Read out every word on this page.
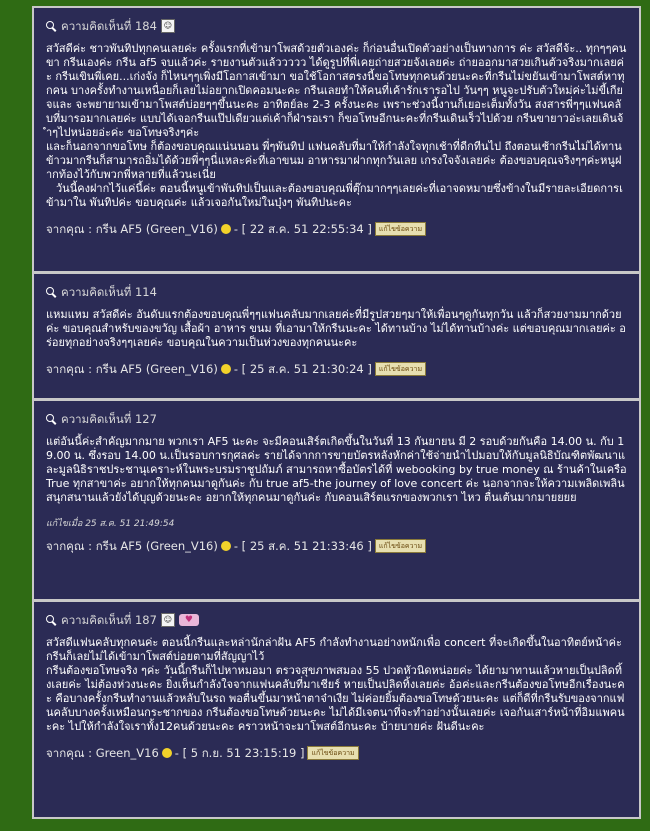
ความคิดเห็นที่ 184 ☺

สวัสดีค่ะ ชาวพันทิปทุกคนเลยค่ะ ครั้งแรกที่เข้ามาโพสด้วยตัวเองค่ะ ก็ก่อนอื่นเปิดตัวอย่างเป็นทางการ ค่ะ สวัสดีจ้ะ.. ทุกๆๆคนขา กรีนเองค่ะ กรีน af5 จบแล้วค่ะ รายงานตัวแล้ววววว ได้ดูรูปที่พี่เคยถ่ายสวยจังเลยค่ะ ถ่ายออกมาสวยเกินตัวจริงมากเลยค่ะ กรีนเขินพี่เคย...เก่งจัง ก็ไหนๆๆเพิ่งมีโอกาสเข้ามา ขอใช้โอกาสตรงนี้ขอโทษทุกคนด้วยนะคะที่กรีนไม่ขยันเข้ามาโพสต์หาทุกคน บางครั้งทำงานเหนื่อยก็เลยไม่อยากเปิดคอมนะคะ กรีนเลยทำให้คนที่เค้ารักเรารอไป วันๆๆ หนูจะปรับตัวใหม่ค่ะไม่ขี้เกียจและ จะพยายามเข้ามาโพสต์บ่อยๆๆขึ้นนะคะ อาทิตย์ละ 2-3 ครั้งนะคะ เพราะช่วงนี้งานก็เยอะเต็มทั้งวัน สงสารพี่ๆๆแฟนคลับที่มารอมากเลยค่ะ แบบได้เจอกรีนแป๊ปเดียวแต่เค้าก็ฝ่ารอเรา ก็ขอโทษอีกนะคะที่กรีนเดินเร็วไปด้วย กรีนขายาวอ่ะเลยเดินจ้ำๆไปหน่อยอ่ะค่ะ ขอโทษจริงๆค่ะ

และก็นอกจากขอโทษ ก็ต้องขอบคุณแน่นนอน พี่ๆพันทิป แฟนคลับที่มาให้กำลังใจทุกเช้าที่ดีกทีนไป ถึงตอนเช้ากรีนไม่ได้ทานข้าวมากรีนก็สามารถอิ่มได้ด้วยพี่ๆๆนี่แหละค่ะที่เอาขนม อาหารมาฝากทุกวันเลย เกรงใจจังเลยค่ะ ต้องขอบคุณจริงๆๆค่ะหนูฝากท้องไว้กับพวกพี่หลายที่แล้วนะเนี่ย

วันนี้คงฝากไว้แค่นี้ค่ะ ตอนนี้หนูเข้าพันทิปเป็นและต้องขอบคุณพี่ตุ๊กมากๆๆเลยค่ะที่เอาจดหมายซึ่งข้างในมีรายละเอียดการเข้ามาใน พันทิปค่ะ ขอบคุณค่ะ แล้วเจอกันใหม่ในบุ๋งๆ พันทิปนะคะ

จากคุณ : กรีน AF5 (Green_V16) - [ 22 ส.ค. 51 22:55:34 ]	แก้ไขข้อความ
ความคิดเห็นที่ 114

แหมแหม สวัสดีค่ะ อันดับแรกต้องขอบคุณพี่ๆๆแฟนคลับมากเลยค่ะที่มีรูปสวยๆมาให้เพื่อนๆดูกันทุกวัน แล้วก็สวยงามมากด้วยค่ะ ขอบคุณสำหรับของขวัญ เสื้อผ้า อาหาร ขนม ที่เอามาให้กรีนนะคะ ได้ทานบ้าง ไม่ได้ทานบ้างค่ะ แต่ขอบคุณมากเลยค่ะ อร่อยทุกอย่างจริงๆๆเลยค่ะ ขอบคุณในความเป็นห่วงของทุกคนนะคะ

จากคุณ : กรีน AF5 (Green_V16) - [ 25 ส.ค. 51 21:30:24 ]	แก้ไขข้อความ
ความคิดเห็นที่ 127

แต่อันนี้ค่ะสำคัญมากมาย พวกเรา AF5 นะคะ จะมีคอนเสิร์ตเกิดขึ้นในวันที่ 13 กันยายน มี 2 รอบด้วยกันคือ 14.00 น. กับ 19.00 น. ซึ่งรอบ 14.00 น.เป็นรอบการกุศลค่ะ รายได้จากการขายบัตรหลังหักค่าใช้จ่ายนำไปมอบให้กับมูลนิธิบัณฑิตพัฒนาและมูลนิธิราชประชานุเคราะห์ในพระบรมราชูปถัมภ์ สามารถหาซื้อบัตรได้ที่ webooking by true money ณ ร้านค้าในเครือ True ทุกสาขาค่ะ อยากให้ทุกคนมาดูกันค่ะ กับ true af5-the journey of love concert ค่ะ นอกจากจะให้ความเพลิดเพลินสนุกสนานแล้วยังได้บุญด้วยนะคะ อยากให้ทุกคนมาดูกันค่ะ กับคอนเสิร์ตแรกของพวกเรา ไหว ตื่นเต้นมากมายยยย

แก้ไขเมื่อ 25 ส.ค. 51 21:49:54
จากคุณ : กรีน AF5 (Green_V16) - [ 25 ส.ค. 51 21:33:46 ]	แก้ไขข้อความ
ความคิดเห็นที่ 187 ☺	♥

สวัสดีแฟนคลับทุกคนค่ะ ตอนนี้กรีนและหล่านักล่าฝัน AF5 กำลังทำงานอย่างหนักเพื่อ concert ที่จะเกิดขึ้นในอาทิตย์หน้าค่ะ กรีนก็เลยไม่ได้เข้ามาโพสต์บ่อยตามที่สัญญาไว้

กรีนต้องขอโทษจริง ๆค่ะ วันนี้กรีนก็ไปหาหมอมา ตรวจสุขภาพสมอง 55 ปวดหัวนิดหน่อยค่ะ ได้ยามาทานแล้วหายเป็นปลิดทิ้งเลยค่ะ ไม่ต้องห่วงนะคะ ยิ่งเห็นกำลังใจจากแฟนคลับที่มาเชียร์ หายเป็นปลิดทิ้งเลยค่ะ อ้อค่ะและกรีนต้องขอโทษอีกเรื่องนะคะ คือบางครั้งกรีนทำงานแล้วหลับในรถ พอตื่นขึ้นมาหน้าตาจ๋าเงีย ไม่ค่อยยิ้มต้องขอโทษด้วยนะคะ แต่ก็ดีที่กรีนรับของจากแฟนคลับบางครั้งเหมือนกระชากของ กรีนต้องขอโทษด้วยนะคะ ไม่ได้มีเจตนาที่จะทำอย่างนั้นเลยค่ะ เจอกันเสาร์หน้าที่อิมแพคนะคะ ไปให้กำลังใจเราทั้ง12คนด้วยนะคะ คราวหน้าจะมาโพสต์อีกนะคะ บ้ายบายค่ะ ฝันดีนะคะ

จากคุณ : Green_V16 - [ 5 ก.ย. 51 23:15:19 ]	แก้ไขข้อความ
